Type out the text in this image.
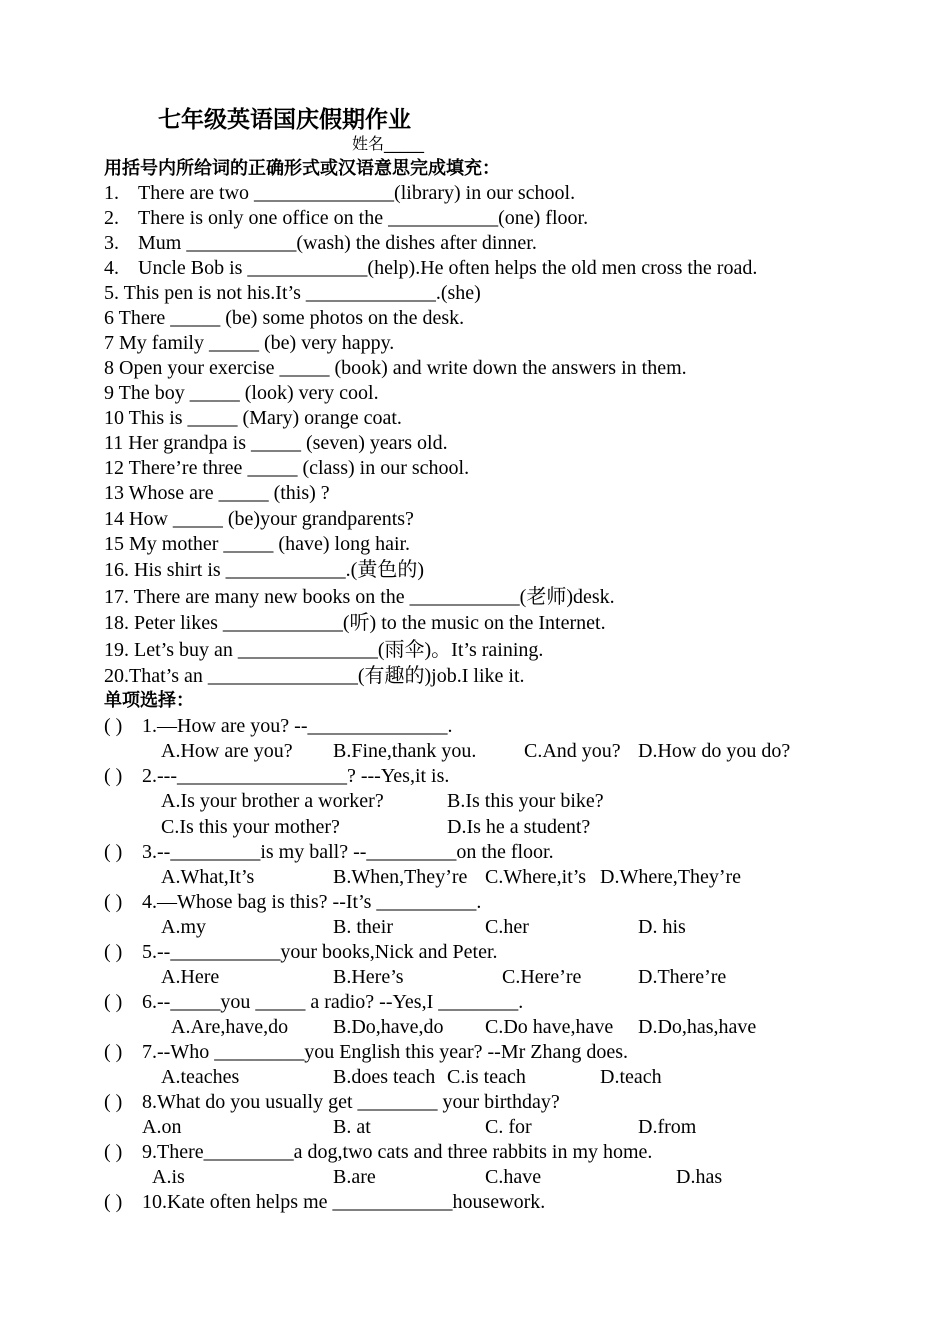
七年级英语国庆假期作业
姓名_____
用括号内所给词的正确形式或汉语意思完成填充：
1. There are two ______________(library) in our school.
2. There is only one office on the ___________(one) floor.
3. Mum ___________(wash) the dishes after dinner.
4. Uncle Bob is ____________(help).He often helps the old men cross the road.
5. This pen is not his.It’s _____________.(she)
6 There _____ (be) some photos on the desk.
7 My family _____ (be) very happy.
8 Open your exercise _____ (book) and write down the answers in them.
9 The boy _____ (look) very cool.
10 This is _____ (Mary) orange coat.
11 Her grandpa is _____ (seven) years old.
12 There’re three _____ (class) in our school.
13 Whose are _____ (this) ?
14 How _____ (be)your grandparents?
15 My mother _____ (have) long hair.
16. His shirt is ____________.(黄色的)
17. There are many new books on the ___________(老师)desk.
18. Peter likes ____________(听) to the music on the Internet.
19. Let’s buy an ______________(雨伞)。It’s raining.
20.That’s an _______________(有趣的)job.I like it.
单项选择：
( ) 1.—How are you? --______________.
A.How are you? B.Fine,thank you. C.And you? D.How do you do?
( ) 2.---_________________? ---Yes,it is.
A.Is your brother a worker?	B.Is this your bike?
C.Is this your mother?	D.Is he a student?
( ) 3.--_________is my ball? --_________on the floor.
A.What,It’s	B.When,They’re C.Where,it’s D.Where,They’re
( ) 4.—Whose bag is this? --It’s __________.
A.my	B. their	C.her	D. his
( ) 5.--___________your books,Nick and Peter.
A.Here	B.Here’s	C.Here’re	D.There’re
( ) 6.--_____you _____ a radio? --Yes,I ________.
A.Are,have,do B.Do,have,do C.Do have,have D.Do,has,have
( ) 7.--Who _________you English this year? --Mr Zhang does.
A.teaches	B.does teach C.is teach	D.teach
( ) 8.What do you usually get ________ your birthday?
A.on	B. at	C. for	D.from
( ) 9.There_________a dog,two cats and three rabbits in my home.
A.is	B.are	C.have	D.has
( ) 10.Kate often helps me ____________housework.
